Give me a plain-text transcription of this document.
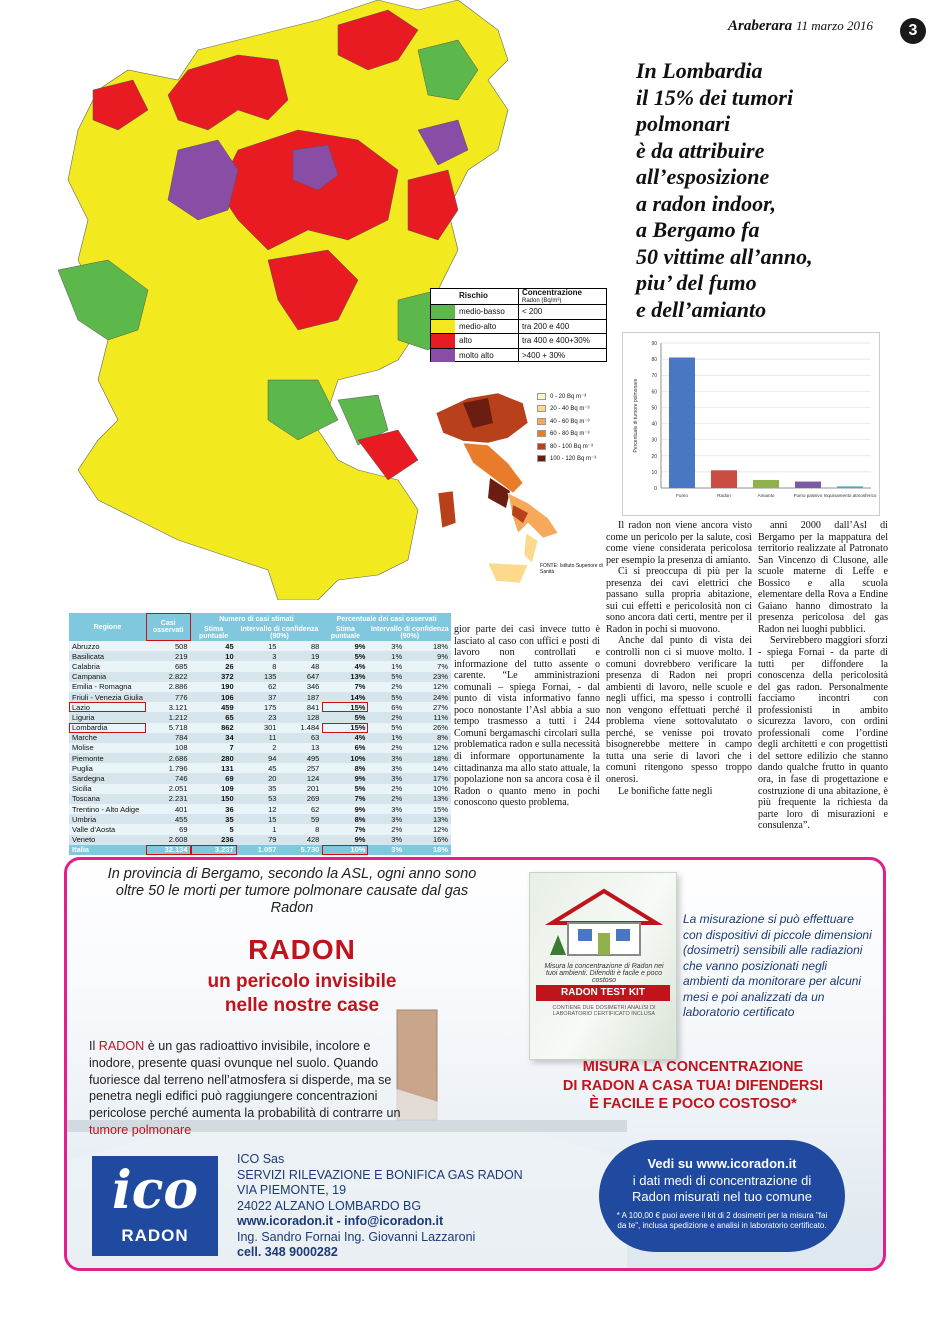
Araberara 11 marzo 2016	3
Rischio	Concentrazione
Radon (Bq/m³)
medio-basso	< 200
medio-alto	tra 200 e 400
alto	tra 400 e 400+30%
molto alto	>400 + 30%
0 - 20 Bq m⁻³
20 - 40 Bq m⁻³
40 - 60 Bq m⁻³
60 - 80 Bq m⁻³
80 - 100 Bq m⁻³
100 - 120 Bq m⁻³
FONTE: Istituto Superiore di Sanità
In Lombardia
il 15% dei tumori
polmonari
è da attribuire
all’esposizione
a radon indoor,
a Bergamo fa
50 vittime all’anno,
piu’ del fumo
e dell’amianto
0
10
20
30
40
50
60
70
80
90
Fumo	Radon	Amianto	Fumo passivo Inquinamento atmosferico
Percentuale di tumore polmonare
Regione	Casi osservati	Numero di casi stimati			Percentuale dei casi osservati		
		Stima puntuale	Intervallo di confidenza (90%)		Stima puntuale	Intervallo di confidenza (90%)	
Abruzzo	508	45	15	88	9%	3%	18%
Basilicata	219	10	3	19	5%	1%	9%
Calabria	685	26	8	48	4%	1%	7%
Campania	2.822	372	135	647	13%	5%	23%
Emilia - Romagna	2.886	190	62	346	7%	2%	12%
Friuli - Venezia Giulia	776	106	37	187	14%	5%	24%
Lazio	3.121	459	175	841	15%	6%	27%
Liguria	1.212	65	23	128	5%	2%	11%
Lombardia	5.718	862	301	1.484	15%	5%	26%
Marche	784	34	11	63	4%	1%	8%
Molise	108	7	2	13	6%	2%	12%
Piemonte	2.686	280	94	495	10%	3%	18%
Puglia	1.796	131	45	257	8%	3%	14%
Sardegna	746	69	20	124	9%	3%	17%
Sicilia	2.051	109	35	201	5%	2%	10%
Toscana	2.231	150	53	269	7%	2%	13%
Trentino - Alto Adige	401	36	12	62	9%	3%	15%
Umbria	455	35	15	59	8%	3%	13%
Valle d’Aosta	69	5	1	8	7%	2%	12%
Veneto	2.608	236	79	428	9%	3%	16%
Italia	32.134	3.237	1.057	5.730	10%	3%	18%

gior parte dei casi invece tutto è lasciato al caso con uffici e posti di lavoro non controllati e informazione del tutto assente o carente. “Le amministrazioni comunali – spiega Fornai, - dal punto di vista informativo fanno poco nonostante l’Asl abbia a suo tempo trasmesso a tutti i 244 Comuni bergamaschi circolari sulla problematica radon e sulla necessità di informare opportunamente la cittadinanza ma allo stato attuale, la popolazione non sa ancora cosa è il Radon o quanto meno in pochi conoscono questo problema.

Il radon non viene ancora visto come un pericolo per la salute, così come viene considerata pericolosa per esempio la presenza di amianto.

Ci si preoccupa di più per la presenza dei cavi elettrici che passano sulla propria abitazione, sui cui effetti e pericolosità non ci sono ancora dati certi, mentre per il Radon in pochi si muovono.

Anche dal punto di vista dei controlli non ci si muove molto. I comuni dovrebbero verificare la presenza di Radon nei propri ambienti di lavoro, nelle scuole e negli uffici, ma spesso i controlli non vengono effettuati perché il problema viene sottovalutato o perché, se venisse poi trovato bisognerebbe mettere in campo tutta una serie di lavori che i comuni ritengono spesso troppo onerosi.

Le bonifiche fatte negli

anni 2000 dall’Asl di Bergamo per la mappatura del territorio realizzate al Patronato San Vincenzo di Clusone, alle scuole materne di Leffe e Bossico e alla scuola elementare della Rova a Endine Gaiano hanno dimostrato la presenza pericolosa del gas Radon nei luoghi pubblici.

Servirebbero maggiori sforzi - spiega Fornai - da parte di tutti per diffondere la conoscenza della pericolosità del gas radon. Personalmente facciamo incontri con professionisti in ambito sicurezza lavoro, con ordini professionali come l’ordine degli architetti e con progettisti del settore edilizio che stanno dando qualche frutto in quanto ora, in fase di progettazione e costruzione di una abitazione, è più frequente la richiesta da parte loro di misurazioni e consulenza”.

In provincia di Bergamo, secondo la ASL, ogni anno sono oltre 50 le morti per tumore polmonare causate dal gas Radon
RADON
un pericolo invisibile
nelle nostre case
Il RADON è un gas radioattivo invisibile, incolore e inodore, presente quasi ovunque nel suolo. Quando fuoriesce dal terreno nell’atmosfera si disperde, ma se penetra negli edifici può raggiungere concentrazioni pericolose perché aumenta la probabilità di contrarre un tumore polmonare
Misura la concentrazione di Radon nei tuoi ambienti. Difenditi è facile e poco costoso
RADON TEST KIT
CONTIENE DUE DOSIMETRI ANALISI DI LABORATORIO CERTIFICATO INCLUSA
La misurazione si può effettuare con dispositivi di piccole dimensioni (dosimetri) sensibili alle radiazioni che vanno posizionati negli ambienti da monitorare per alcuni mesi e poi analizzati da un laboratorio certificato
MISURA LA CONCENTRAZIONE
DI RADON A CASA TUA! DIFENDERSI
È FACILE E POCO COSTOSO*
ico
RADON
ICO Sas
SERVIZI RILEVAZIONE E BONIFICA GAS RADON
VIA PIEMONTE, 19
24022 ALZANO LOMBARDO BG
www.icoradon.it - info@icoradon.it
Ing. Sandro Fornai Ing. Giovanni Lazzaroni
cell. 348 9000282
Vedi su www.icoradon.it
i dati medi di concentrazione di Radon misurati nel tuo comune
* A 100,00 € puoi avere il kit di 2 dosimetri per la misura "fai da te", inclusa spedizione e analisi in laboratorio certificato.
